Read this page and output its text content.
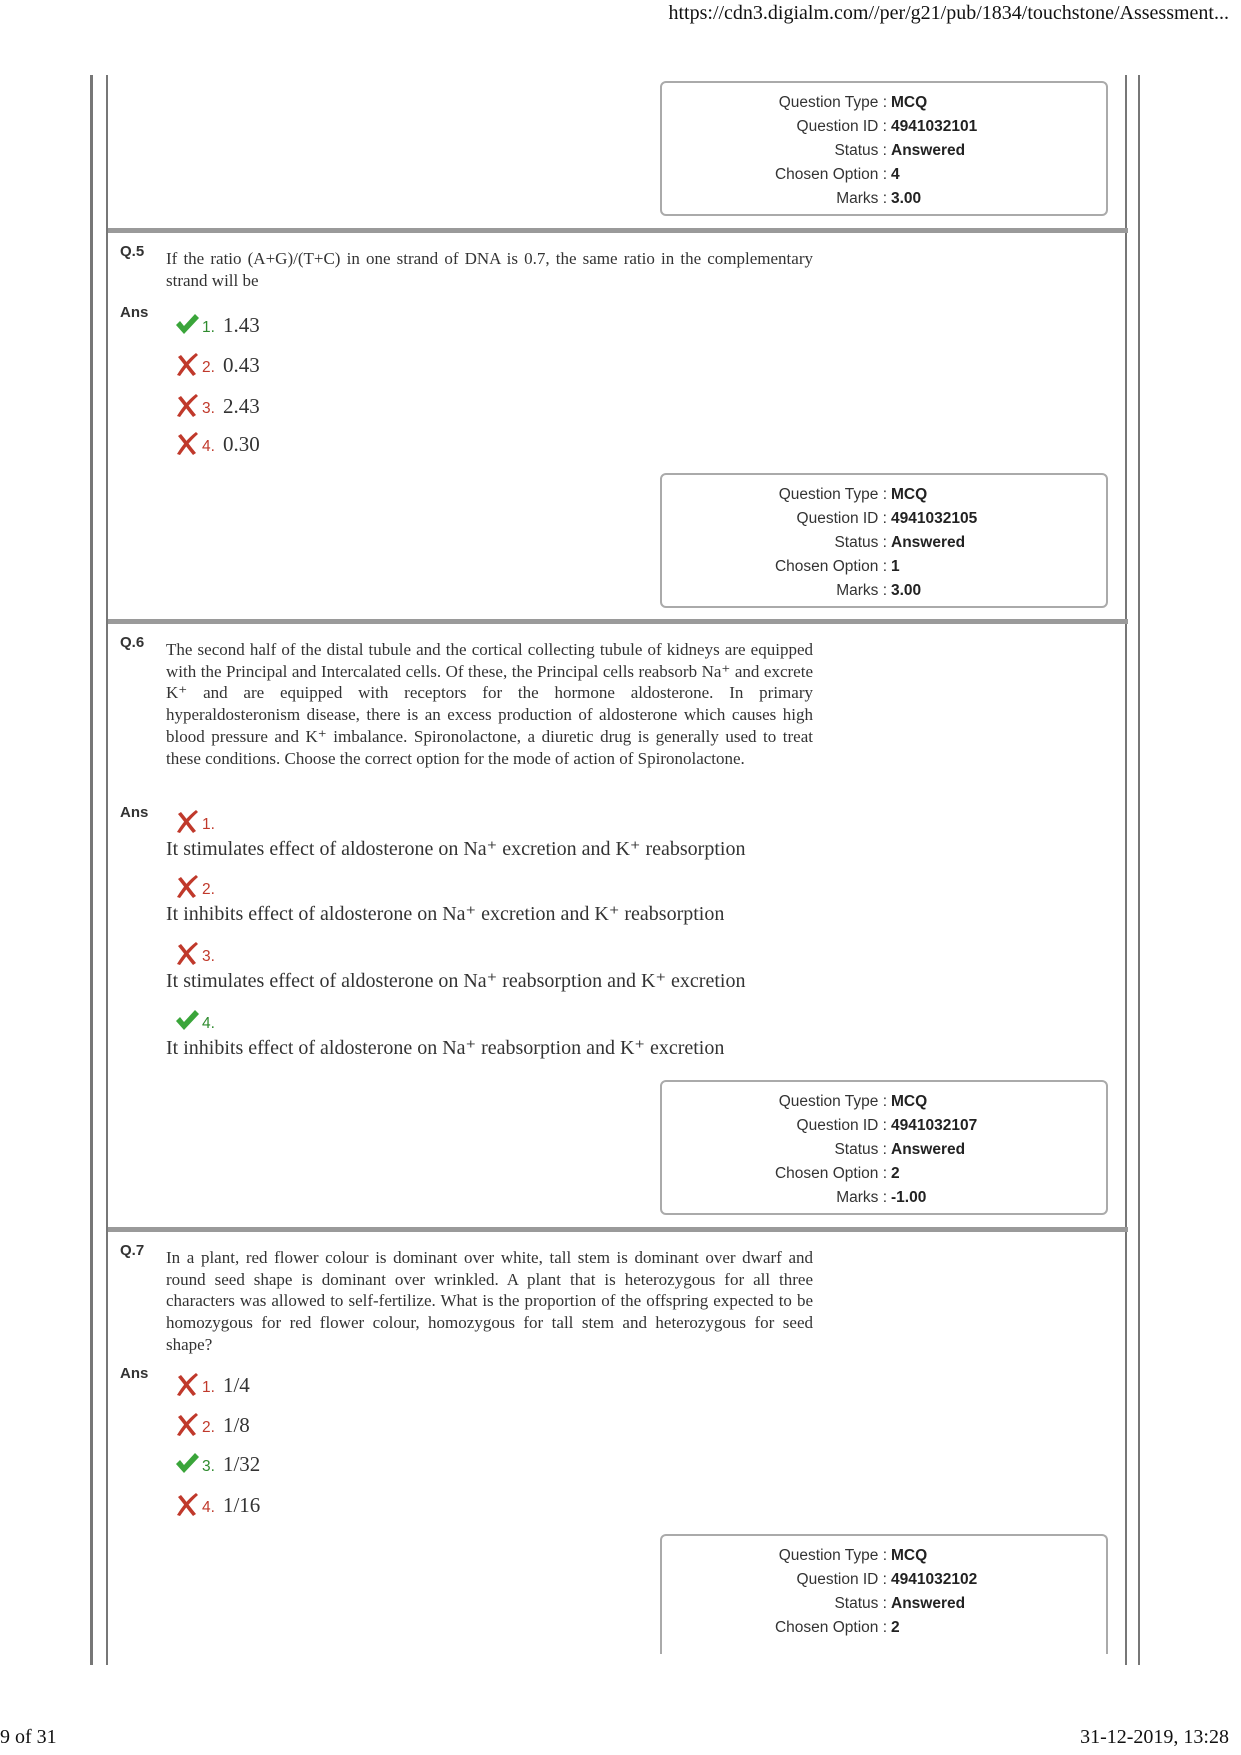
https://cdn3.digialm.com//per/g21/pub/1834/touchstone/Assessment...
Question Type : MCQ
Question ID : 4941032101
Status : Answered
Chosen Option : 4
Marks : 3.00
Q.5 If the ratio (A+G)/(T+C) in one strand of DNA is 0.7, the same ratio in the complementary strand will be
Ans
1. 1.43
2. 0.43
3. 2.43
4. 0.30
Question Type : MCQ
Question ID : 4941032105
Status : Answered
Chosen Option : 1
Marks : 3.00
Q.6 The second half of the distal tubule and the cortical collecting tubule of kidneys are equipped with the Principal and Intercalated cells. Of these, the Principal cells reabsorb Na⁺ and excrete K⁺ and are equipped with receptors for the hormone aldosterone. In primary hyperaldosteronism disease, there is an excess production of aldosterone which causes high blood pressure and K⁺ imbalance. Spironolactone, a diuretic drug is generally used to treat these conditions. Choose the correct option for the mode of action of Spironolactone.
Ans
1.
It stimulates effect of aldosterone on Na⁺ excretion and K⁺ reabsorption
2.
It inhibits effect of aldosterone on Na⁺ excretion and K⁺ reabsorption
3.
It stimulates effect of aldosterone on Na⁺ reabsorption and K⁺ excretion
4.
It inhibits effect of aldosterone on Na⁺ reabsorption and K⁺ excretion
Question Type : MCQ
Question ID : 4941032107
Status : Answered
Chosen Option : 2
Marks : -1.00
Q.7 In a plant, red flower colour is dominant over white, tall stem is dominant over dwarf and round seed shape is dominant over wrinkled. A plant that is heterozygous for all three characters was allowed to self-fertilize. What is the proportion of the offspring expected to be homozygous for red flower colour, homozygous for tall stem and heterozygous for seed shape?
Ans
1. 1/4
2. 1/8
3. 1/32
4. 1/16
Question Type : MCQ
Question ID : 4941032102
Status : Answered
Chosen Option : 2
9 of 31	31-12-2019, 13:28
